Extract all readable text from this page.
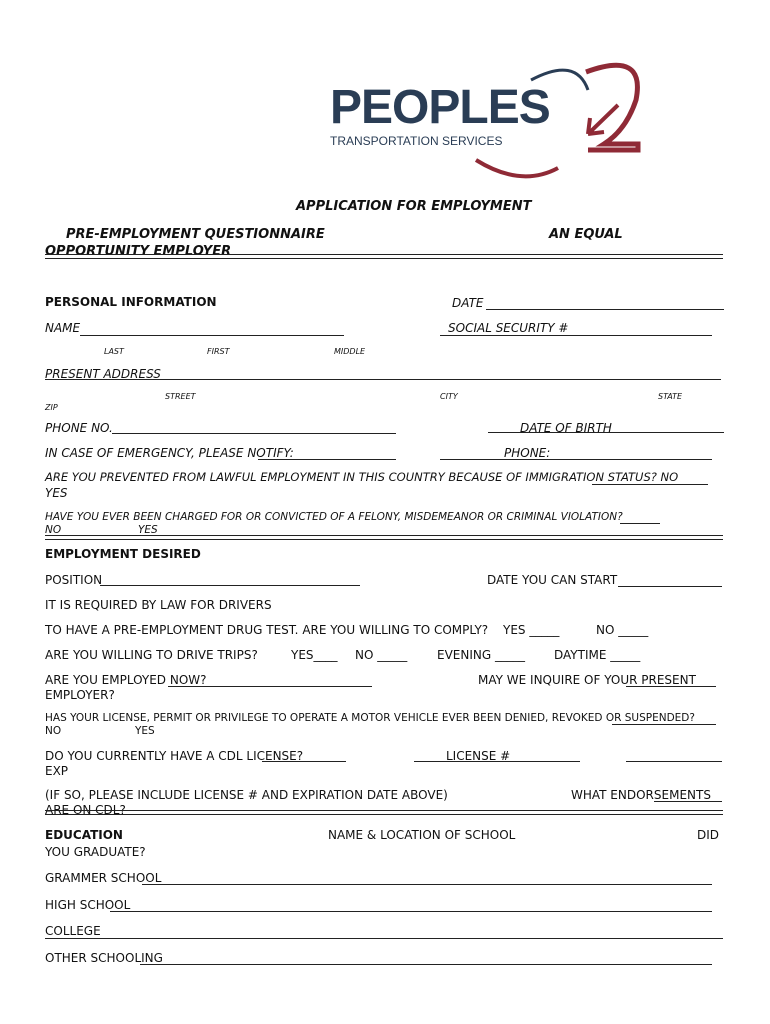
PEOPLES
TRANSPORTATION SERVICES
APPLICATION FOR EMPLOYMENT
PRE-EMPLOYMENT QUESTIONNAIRE	AN EQUAL
OPPORTUNITY EMPLOYER
PERSONAL INFORMATION	DATE
NAME	SOCIAL SECURITY #
LAST	FIRST	MIDDLE
PRESENT ADDRESS
STREET	CITY	STATE
ZIP
PHONE NO.	DATE OF BIRTH
IN CASE OF EMERGENCY, PLEASE NOTIFY:	PHONE:
ARE YOU PREVENTED FROM LAWFUL EMPLOYMENT IN THIS COUNTRY BECAUSE OF IMMIGRATION STATUS? NO
YES
HAVE YOU EVER BEEN CHARGED FOR OR CONVICTED OF A FELONY, MISDEMEANOR OR CRIMINAL VIOLATION?
NO	YES
EMPLOYMENT DESIRED
POSITION	DATE YOU CAN START
IT IS REQUIRED BY LAW FOR DRIVERS
TO HAVE A PRE-EMPLOYMENT DRUG TEST. ARE YOU WILLING TO COMPLY? YES _____	NO _____
ARE YOU WILLING TO DRIVE TRIPS?	YES____ NO _____ EVENING _____ DAYTIME _____
ARE YOU EMPLOYED NOW?	MAY WE INQUIRE OF YOUR PRESENT
EMPLOYER?
HAS YOUR LICENSE, PERMIT OR PRIVILEGE TO OPERATE A MOTOR VEHICLE EVER BEEN DENIED, REVOKED OR SUSPENDED?
NO	YES
DO YOU CURRENTLY HAVE A CDL LICENSE?	LICENSE #
EXP
(IF SO, PLEASE INCLUDE LICENSE # AND EXPIRATION DATE ABOVE)	WHAT ENDORSEMENTS
ARE ON CDL?
EDUCATION	NAME & LOCATION OF SCHOOL	DID
YOU GRADUATE?
GRAMMER SCHOOL
HIGH SCHOOL
COLLEGE
OTHER SCHOOLING
